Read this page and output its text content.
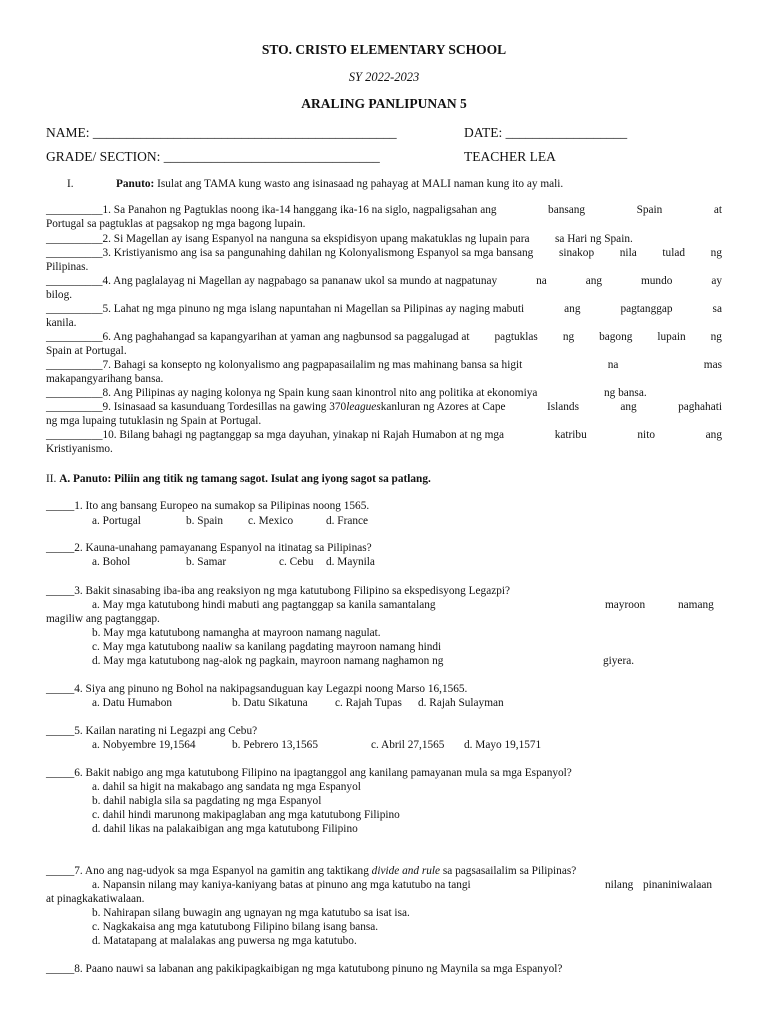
STO. CRISTO ELEMENTARY SCHOOL
SY 2022-2023
ARALING PANLIPUNAN 5
NAME: _____________________________________________	DATE: __________________
GRADE/ SECTION: ________________________________	TEACHER LEA
I.	Panuto: Isulat ang TAMA kung wasto ang isinasaad ng pahayag at MALI naman kung ito ay mali.
__________1. Sa Panahon ng Pagtuklas noong ika-14 hanggang ika-16 na siglo, nagpaligsahan ang	bansang	Spain	at
Portugal sa pagtuklas at pagsakop ng mga bagong lupain.
__________2. Si Magellan ay isang Espanyol na nanguna sa ekspidisyon upang makatuklas ng lupain para sa Hari ng Spain.
__________3. Kristiyanismo ang isa sa pangunahing dahilan ng Kolonyalismong Espanyol sa mga bansang sinakop nila tulad ng
Pilipinas.
__________4. Ang paglalayag ni Magellan ay nagpabago sa pananaw ukol sa mundo at nagpatunay	na	ang	mundo	ay
bilog.
__________5. Lahat ng mga pinuno ng mga islang napuntahan ni Magellan sa Pilipinas ay naging mabuti	ang	pagtanggap	sa
kanila.
__________6. Ang paghahangad sa kapangyarihan at yaman ang nagbunsod sa paggalugad at pagtuklas ng bagong lupain ng
Spain at Portugal.
__________7. Bahagi sa konsepto ng kolonyalismo ang pagpapasailalim ng mas mahinang bansa sa higit	na	mas
makapangyarihang bansa.
__________8. Ang Pilipinas ay naging kolonya ng Spain kung saan kinontrol nito ang politika at ekonomiya	ng bansa.
__________9. Isinasaad sa kasunduang Tordesillas na gawing 370leagueskanluran ng Azores at Cape	Islands	ang	paghahati
ng mga lupaing tutuklasin ng Spain at Portugal.
__________10. Bilang bahagi ng pagtanggap sa mga dayuhan, yinakap ni Rajah Humabon at ng mga	katribu	nito	ang
Kristiyanismo.
II. A. Panuto: Piliin ang titik ng tamang sagot. Isulat ang iyong sagot sa patlang.
_____1. Ito ang bansang Europeo na sumakop sa Pilipinas noong 1565.
a. Portugal	b. Spain c. Mexico	d. France
_____2. Kauna-unahang pamayanang Espanyol na itinatag sa Pilipinas?
a. Bohol	b. Samar	c. Cebu d. Maynila
_____3. Bakit sinasabing iba-iba ang reaksiyon ng mga katutubong Filipino sa ekspedisyong Legazpi?
a. May mga katutubong hindi mabuti ang pagtanggap sa kanila samantalang	mayroon	namang
magiliw ang pagtanggap.
b. May mga katutubong namangha at mayroon namang nagulat.
c. May mga katutubong naaliw sa kanilang pagdating mayroon namang hindi
d. May mga katutubong nag-alok ng pagkain, mayroon namang naghamon ng	giyera.
_____4. Siya ang pinuno ng Bohol na nakipagsanduguan kay Legazpi noong Marso 16,1565.
a. Datu Humabon	b. Datu Sikatuna c. Rajah Tupas d. Rajah Sulayman
_____5. Kailan narating ni Legazpi ang Cebu?
a. Nobyembre 19,1564	b. Pebrero 13,1565	c. Abril 27,1565 d. Mayo 19,1571
_____6. Bakit nabigo ang mga katutubong Filipino na ipagtanggol ang kanilang pamayanan mula sa mga Espanyol?
a. dahil sa higit na makabago ang sandata ng mga Espanyol
b. dahil nabigla sila sa pagdating ng mga Espanyol
c. dahil hindi marunong makipaglaban ang mga katutubong Filipino
d. dahil likas na palakaibigan ang mga katutubong Filipino
_____7. Ano ang nag-udyok sa mga Espanyol na gamitin ang taktikang divide and rule sa pagsasailalim sa Pilipinas?
a. Napansin nilang may kaniya-kaniyang batas at pinuno ang mga katutubo na tangi	nilang pinaniniwalaan
at pinagkakatiwalaan.
b. Nahirapan silang buwagin ang ugnayan ng mga katutubo sa isat isa.
c. Nagkakaisa ang mga katutubong Filipino bilang isang bansa.
d. Matatapang at malalakas ang puwersa ng mga katutubo.
_____8. Paano nauwi sa labanan ang pakikipagkaibigan ng mga katutubong pinuno ng Maynila sa mga Espanyol?
